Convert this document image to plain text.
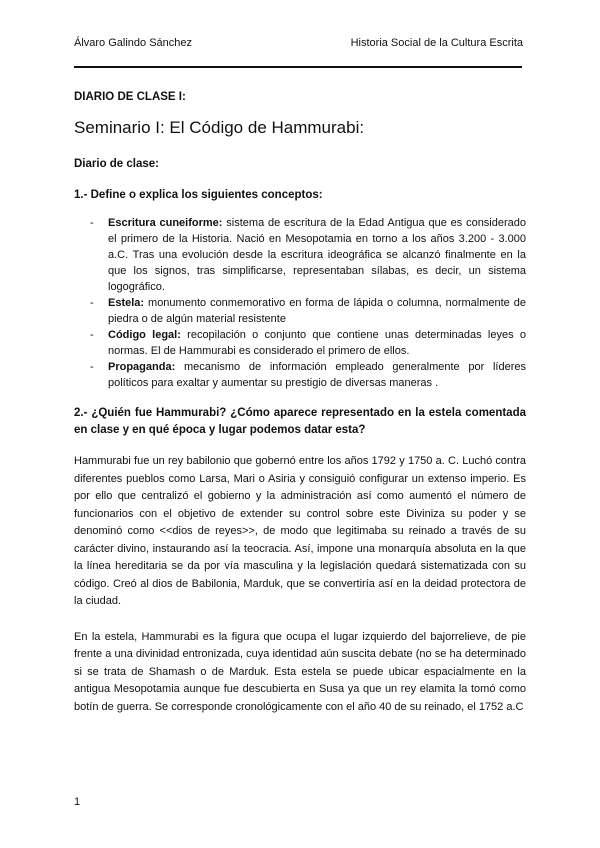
Álvaro Galindo Sánchez	Historia Social de la Cultura Escrita
DIARIO DE CLASE I:
Seminario I: El Código de Hammurabi:
Diario de clase:
1.- Define o explica los siguientes conceptos:
- Escritura cuneiforme: sistema de escritura de la Edad Antigua que es considerado el primero de la Historia. Nació en Mesopotamia en torno a los años 3.200 - 3.000 a.C. Tras una evolución desde la escritura ideográfica se alcanzó finalmente en la que los signos, tras simplificarse, representaban sílabas, es decir, un sistema logográfico.
- Estela: monumento conmemorativo en forma de lápida o columna, normalmente de piedra o de algún material resistente
- Código legal: recopilación o conjunto que contiene unas determinadas leyes o normas. El de Hammurabi es considerado el primero de ellos.
- Propaganda: mecanismo de información empleado generalmente por líderes políticos para exaltar y aumentar su prestigio de diversas maneras .
2.- ¿Quién fue Hammurabi? ¿Cómo aparece representado en la estela comentada en clase y en qué época y lugar podemos datar esta?
Hammurabi fue un rey babilonio que gobernó entre los años 1792 y 1750 a. C. Luchó contra diferentes pueblos como Larsa, Mari o Asiria y consiguió configurar un extenso imperio. Es por ello que centralizó el gobierno y la administración así como aumentó el número de funcionarios con el objetivo de extender su control sobre este Divinizа su poder y se denominó como <<dios de reyes>>, de modo que legitimaba su reinado a través de su carácter divino, instaurando así la teocracia. Así, impone una monarquía absoluta en la que la línea hereditaria se da por vía masculina y la legislación quedará sistematizada con su código. Creó al dios de Babilonia, Marduk, que se convertiría así en la deidad protectora de la ciudad.
En la estela, Hammurabi es la figura que ocupa el lugar izquierdo del bajorrelieve, de pie frente a una divinidad entronizada, cuya identidad aún suscita debate (no se ha determinado si se trata de Shamash o de Marduk. Esta estela se puede ubicar espacialmente en la antigua Mesopotamia aunque fue descubierta en Susa ya que un rey elamita la tomó como botín de guerra. Se corresponde cronológicamente con el año 40 de su reinado, el 1752 a.C
1
